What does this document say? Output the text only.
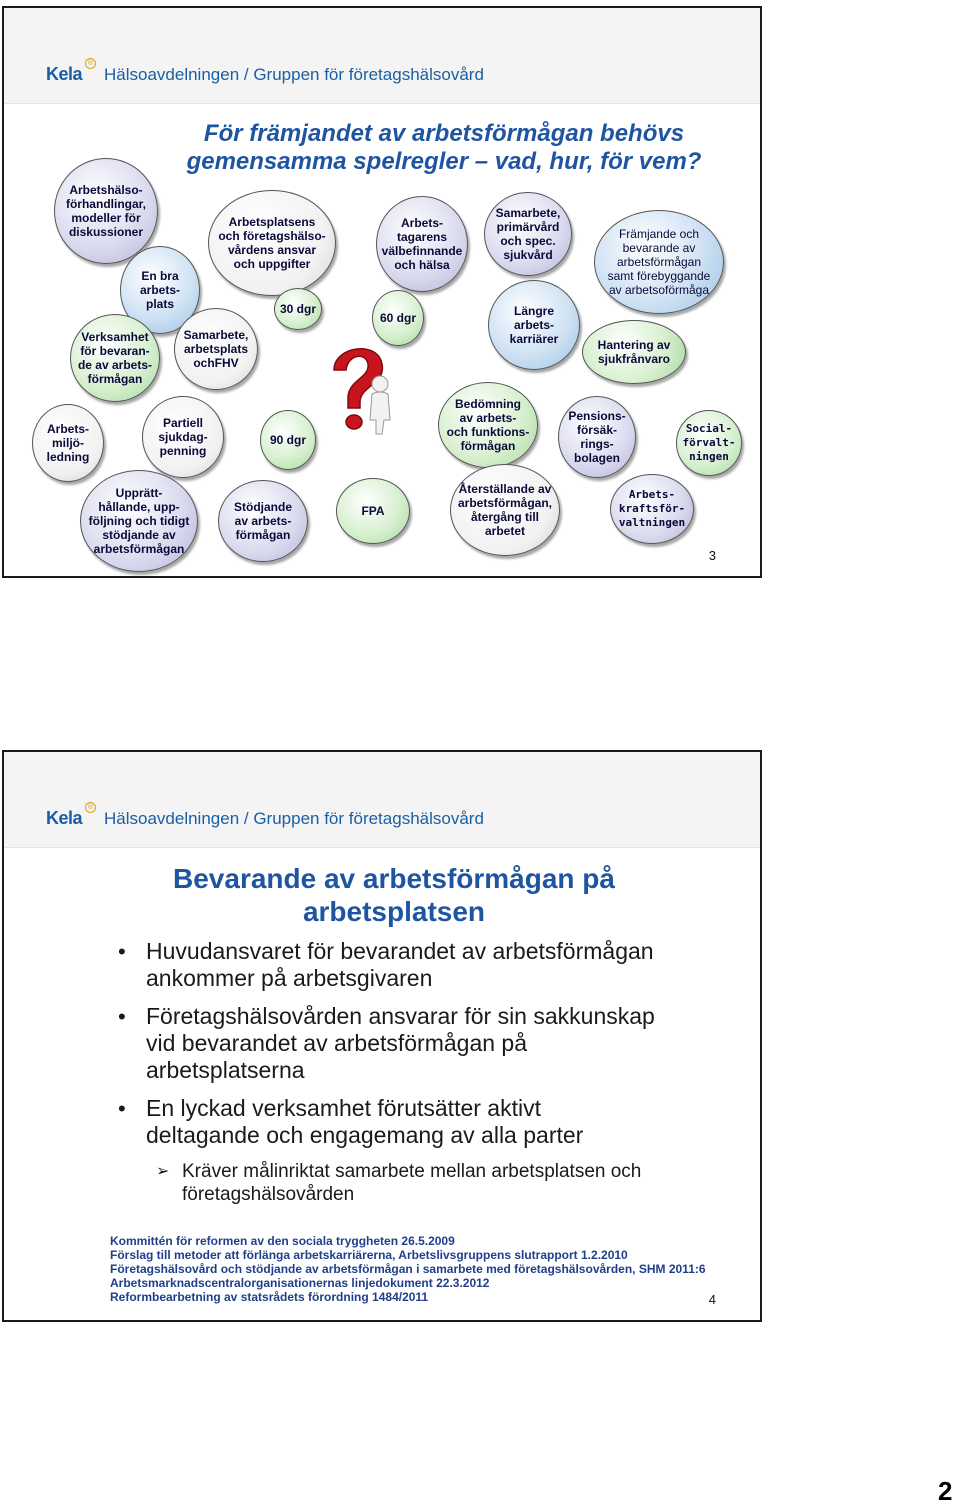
Kela
®
Hälsoavdelningen / Gruppen för företagshälsovård
För främjandet av arbetsförmågan behövs
gemensamma spelregler – vad, hur, för vem?
Arbetshälso-
förhandlingar,
modeller för
diskussioner
En bra
arbets-
plats
Verksamhet
för bevaran-
de av arbets-
förmågan
Samarbete,
arbetsplats
ochFHV
Arbets-
miljö-
ledning
Partiell
sjukdag-
penning
Upprätt-
hållande, upp-
följning och tidigt
stödjande av
arbetsförmågan
Arbetsplatsens
och företagshälso-
vårdens ansvar
och uppgifter
30 dgr
90 dgr
Stödjande
av arbets-
förmågan
Arbets-
tagarens
välbefinnande
och hälsa
60 dgr
FPA
Samarbete,
primärvård
och spec.
sjukvård
Längre
arbets-
karriärer
Bedömning
av arbets-
och funktions-
förmågan
Återställande av
arbetsförmågan,
återgång till
arbetet
Främjande och
bevarande av
arbetsförmågan
samt förebyggande
av arbetsoförmåga
Hantering av
sjukfrånvaro
Pensions-
försäk-
rings-
bolagen
Social-
förvalt-
ningen
Arbets-
kraftsför-
valtningen
3
Kela
®
Hälsoavdelningen / Gruppen för företagshälsovård
Bevarande av arbetsförmågan på
arbetsplatsen
• Huvudansvaret för bevarandet av arbetsförmågan
ankommer på arbetsgivaren
• Företagshälsovården ansvarar för sin sakkunskap
vid bevarandet av arbetsförmågan på
arbetsplatserna
• En lyckad verksamhet förutsätter aktivt
deltagande och engagemang av alla parter
➢ Kräver målinriktat samarbete mellan arbetsplatsen och
företagshälsovården
Kommittén för reformen av den sociala tryggheten 26.5.2009
Förslag till metoder att förlänga arbetskarriärerna, Arbetslivsgruppens slutrapport 1.2.2010
Företagshälsovård och stödjande av arbetsförmågan i samarbete med företagshälsovården, SHM 2011:6
Arbetsmarknadscentralorganisationernas linjedokument 22.3.2012
Reformbearbetning av statsrådets förordning 1484/2011	4
2
